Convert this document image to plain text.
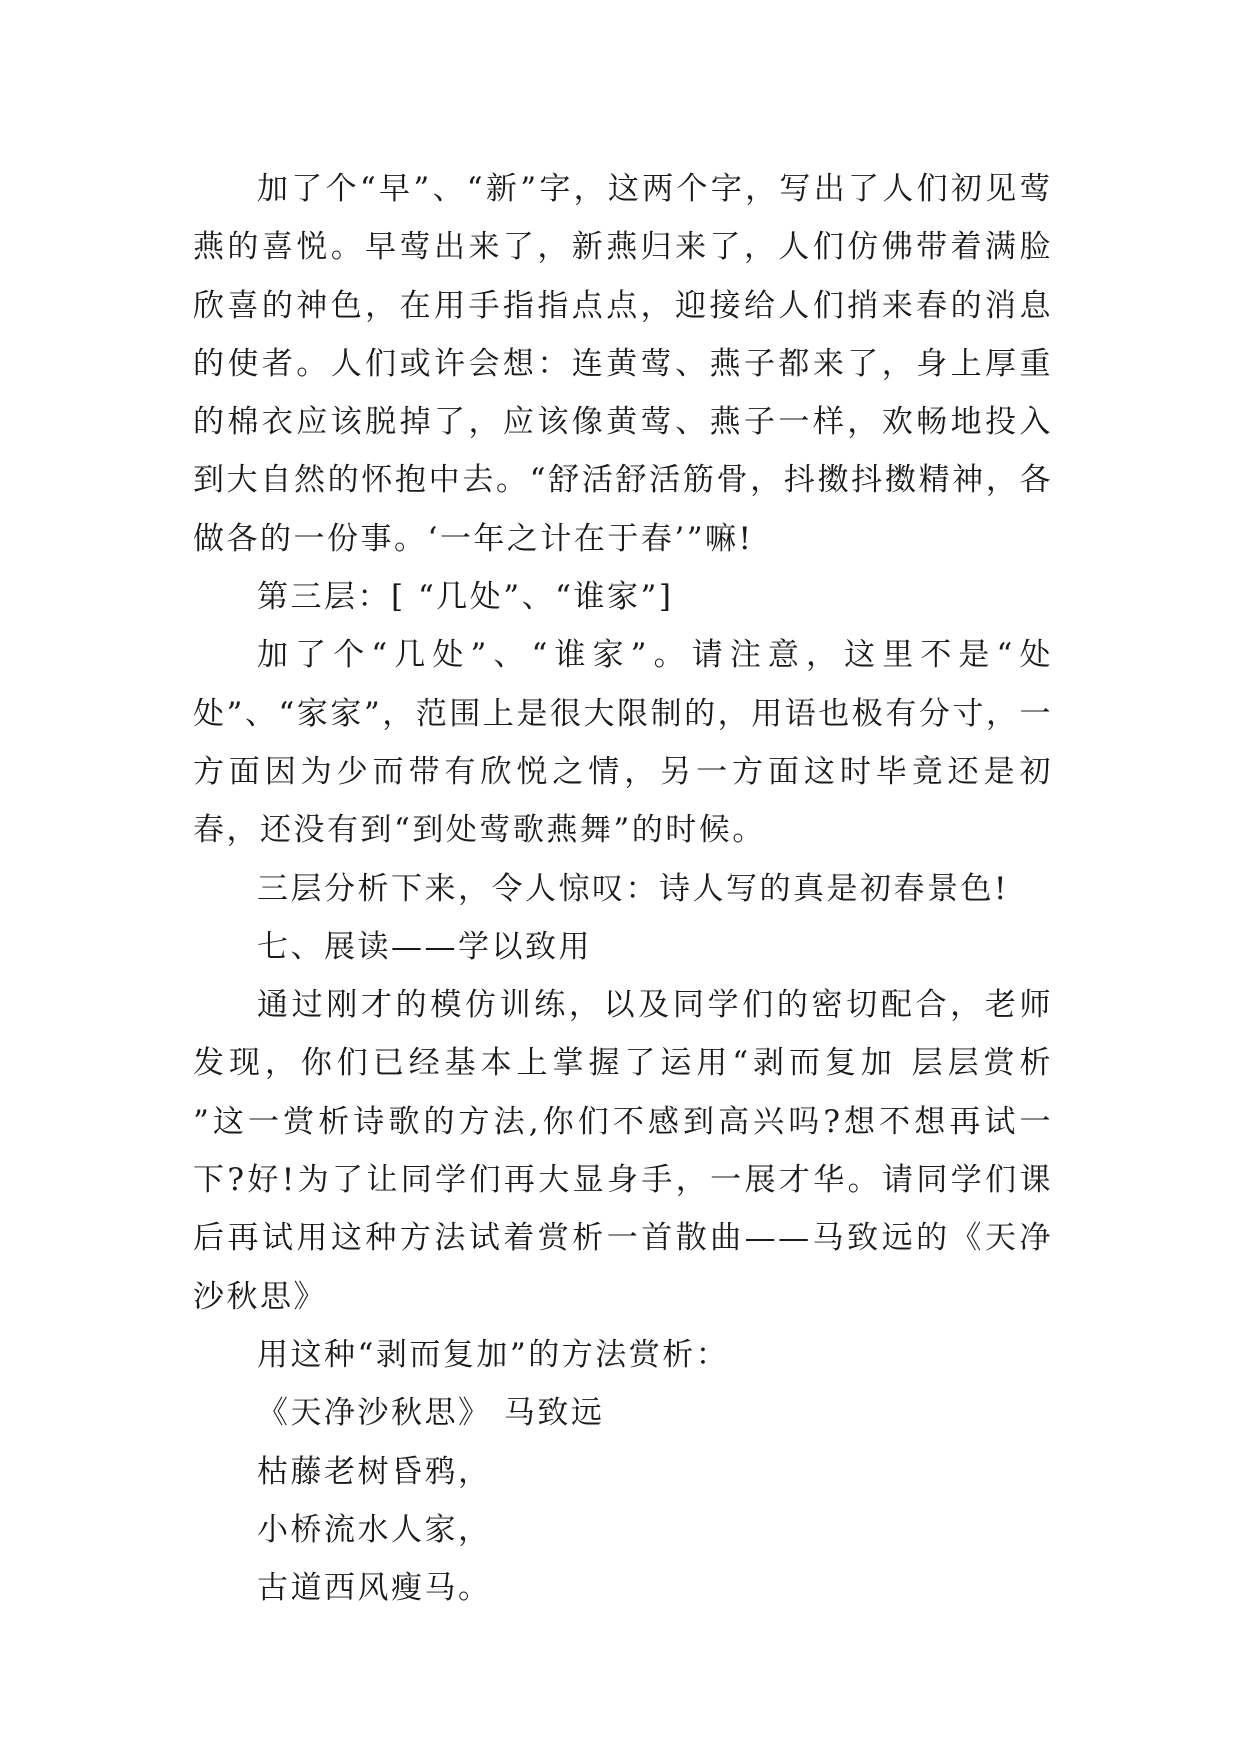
加了个“早”、“新”字，这两个字，写出了人们初见莺燕的喜悦。早莺出来了，新燕归来了，人们仿佛带着满脸欣喜的神色，在用手指指点点，迎接给人们捎来春的消息的使者。人们或许会想：连黄莺、燕子都来了，身上厚重的棉衣应该脱掉了，应该像黄莺、燕子一样，欢畅地投入到大自然的怀抱中去。“舒活舒活筋骨，抖擞抖擞精神，各做各的一份事。‘一年之计在于春’”嘛!

第三层：[ “几处”、“谁家”]

加了个“几处”、“谁家”。请注意，这里不是“处处”、“家家”，范围上是很大限制的，用语也极有分寸，一方面因为少而带有欣悦之情，另一方面这时毕竟还是初春，还没有到“到处莺歌燕舞”的时候。

三层分析下来，令人惊叹：诗人写的真是初春景色!

七、展读——学以致用

通过刚才的模仿训练，以及同学们的密切配合，老师发现，你们已经基本上掌握了运用“剥而复加 层层赏析 ”这一赏析诗歌的方法,你们不感到高兴吗?想不想再试一下?好!为了让同学们再大显身手，一展才华。请同学们课后再试用这种方法试着赏析一首散曲——马致远的《天净沙秋思》

用这种“剥而复加”的方法赏析：

《天净沙秋思》 马致远

枯藤老树昏鸦，

小桥流水人家，

古道西风瘦马。
